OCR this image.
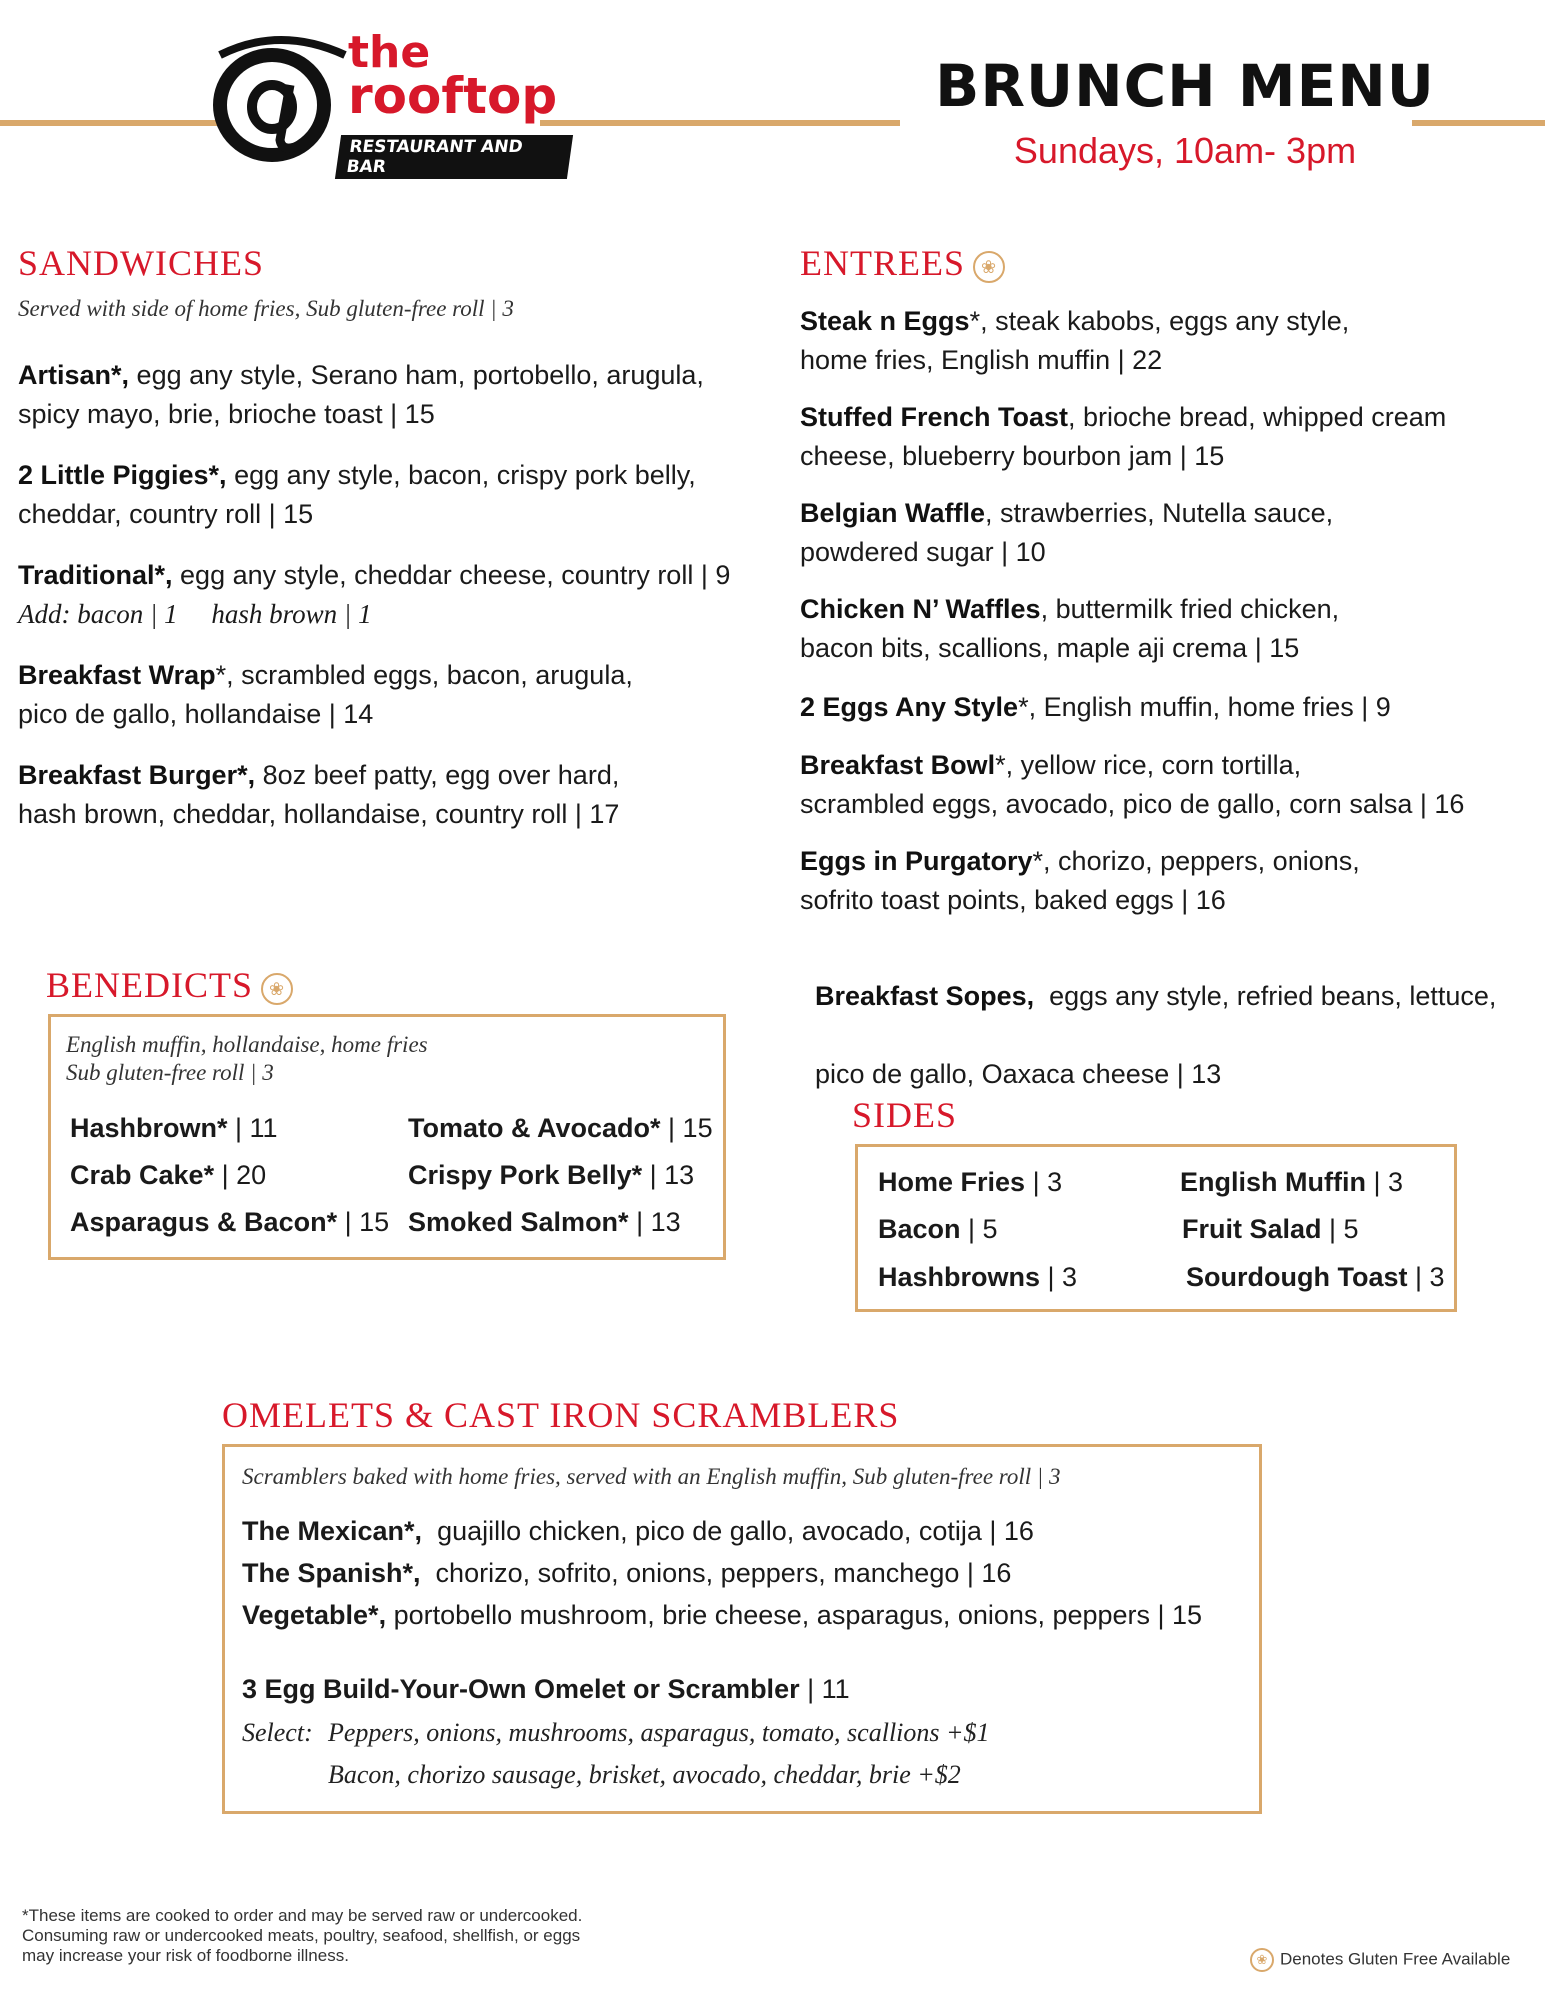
the
rooftop
RESTAURANT AND BAR
BRUNCH MENU
Sundays, 10am- 3pm
SANDWICHES
Served with side of home fries, Sub gluten-free roll | 3
Artisan*, egg any style, Serano ham, portobello, arugula,
spicy mayo, brie, brioche toast | 15
2 Little Piggies*, egg any style, bacon, crispy pork belly,
cheddar, country roll | 15
Traditional*, egg any style, cheddar cheese, country roll | 9
Add: bacon | 1     hash brown | 1
Breakfast Wrap*, scrambled eggs, bacon, arugula,
pico de gallo, hollandaise | 14
Breakfast Burger*, 8oz beef patty, egg over hard,
hash brown, cheddar, hollandaise, country roll | 17
ENTREES ❀
Steak n Eggs*, steak kabobs, eggs any style,
home fries, English muffin | 22
Stuffed French Toast, brioche bread, whipped cream
cheese, blueberry bourbon jam | 15
Belgian Waffle, strawberries, Nutella sauce,
powdered sugar | 10
Chicken N’ Waffles, buttermilk fried chicken,
bacon bits, scallions, maple aji crema | 15
2 Eggs Any Style*, English muffin, home fries | 9
Breakfast Bowl*, yellow rice, corn tortilla,
scrambled eggs, avocado, pico de gallo, corn salsa | 16
Eggs in Purgatory*, chorizo, peppers, onions,
sofrito toast points, baked eggs | 16

Breakfast Sopes,  eggs any style, refried beans, lettuce,

pico de gallo, Oaxaca cheese | 13

BENEDICTS ❀
English muffin, hollandaise, home fries
Sub gluten-free roll | 3
Hashbrown* | 11	Tomato & Avocado* | 15
Crab Cake* | 20	Crispy Pork Belly* | 13
Asparagus & Bacon* | 15 Smoked Salmon* | 13
SIDES
Home Fries | 3	English Muffin | 3
Bacon | 5	Fruit Salad | 5
Hashbrowns | 3	Sourdough Toast | 3
OMELETS & CAST IRON SCRAMBLERS
Scramblers baked with home fries, served with an English muffin, Sub gluten-free roll | 3
The Mexican*,  guajillo chicken, pico de gallo, avocado, cotija | 16
The Spanish*,  chorizo, sofrito, onions, peppers, manchego | 16
Vegetable*, portobello mushroom, brie cheese, asparagus, onions, peppers | 15
3 Egg Build-Your-Own Omelet or Scrambler | 11
Select: Peppers, onions, mushrooms, asparagus, tomato, scallions +$1
Bacon, chorizo sausage, brisket, avocado, cheddar, brie +$2
*These items are cooked to order and may be served raw or undercooked.
Consuming raw or undercooked meats, poultry, seafood, shellfish, or eggs
may increase your risk of foodborne illness.	❀ Denotes Gluten Free Available
